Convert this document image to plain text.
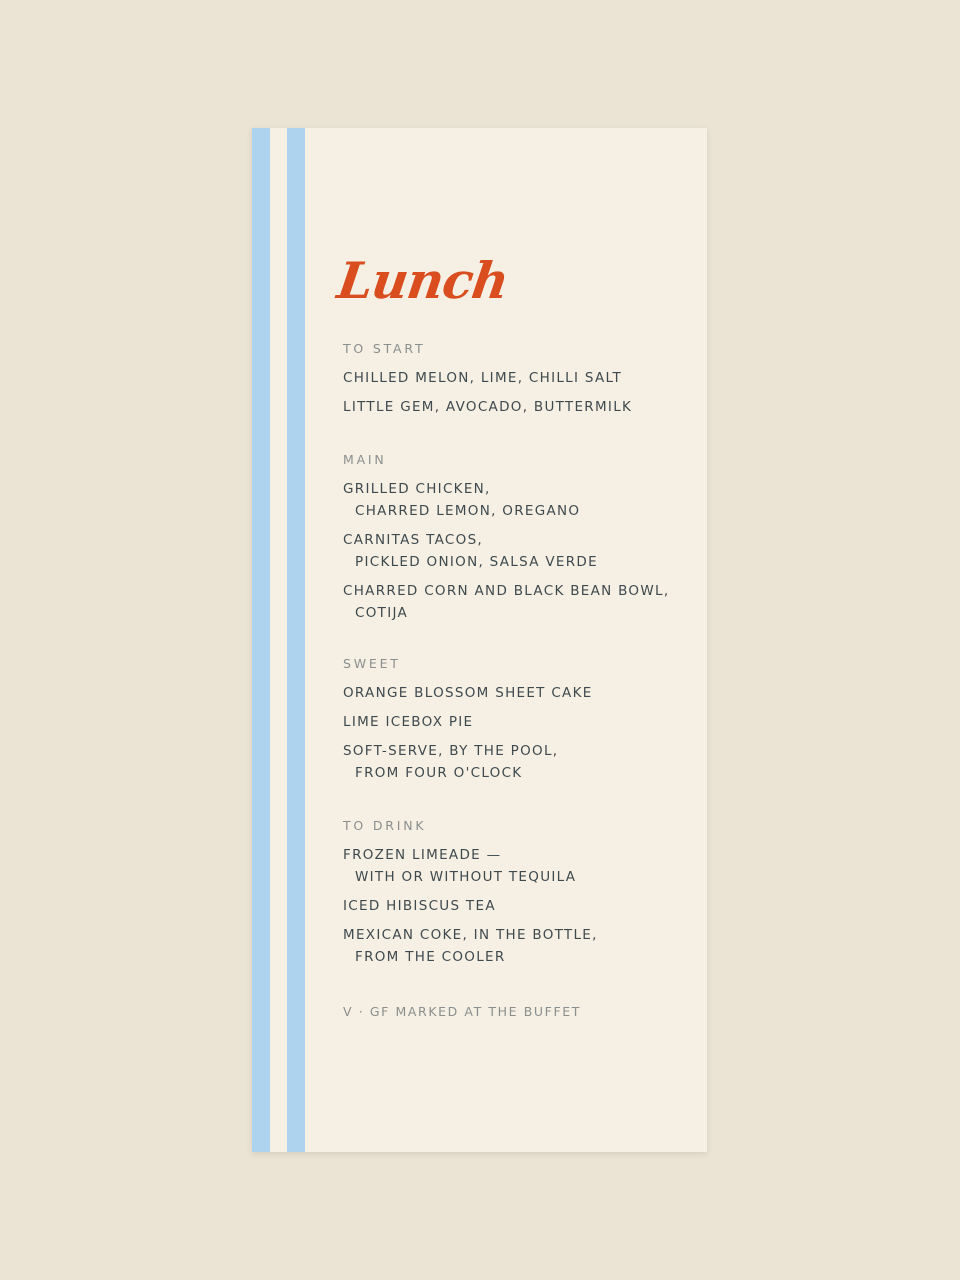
Lunch
TO START
CHILLED MELON, LIME, CHILLI SALT
LITTLE GEM, AVOCADO, BUTTERMILK
MAIN
GRILLED CHICKEN,
CHARRED LEMON, OREGANO
CARNITAS TACOS,
PICKLED ONION, SALSA VERDE
CHARRED CORN AND BLACK BEAN BOWL,
COTIJA
SWEET
ORANGE BLOSSOM SHEET CAKE
LIME ICEBOX PIE
SOFT-SERVE, BY THE POOL,
FROM FOUR O'CLOCK
TO DRINK
FROZEN LIMEADE —
WITH OR WITHOUT TEQUILA
ICED HIBISCUS TEA
MEXICAN COKE, IN THE BOTTLE,
FROM THE COOLER
V · GF MARKED AT THE BUFFET
